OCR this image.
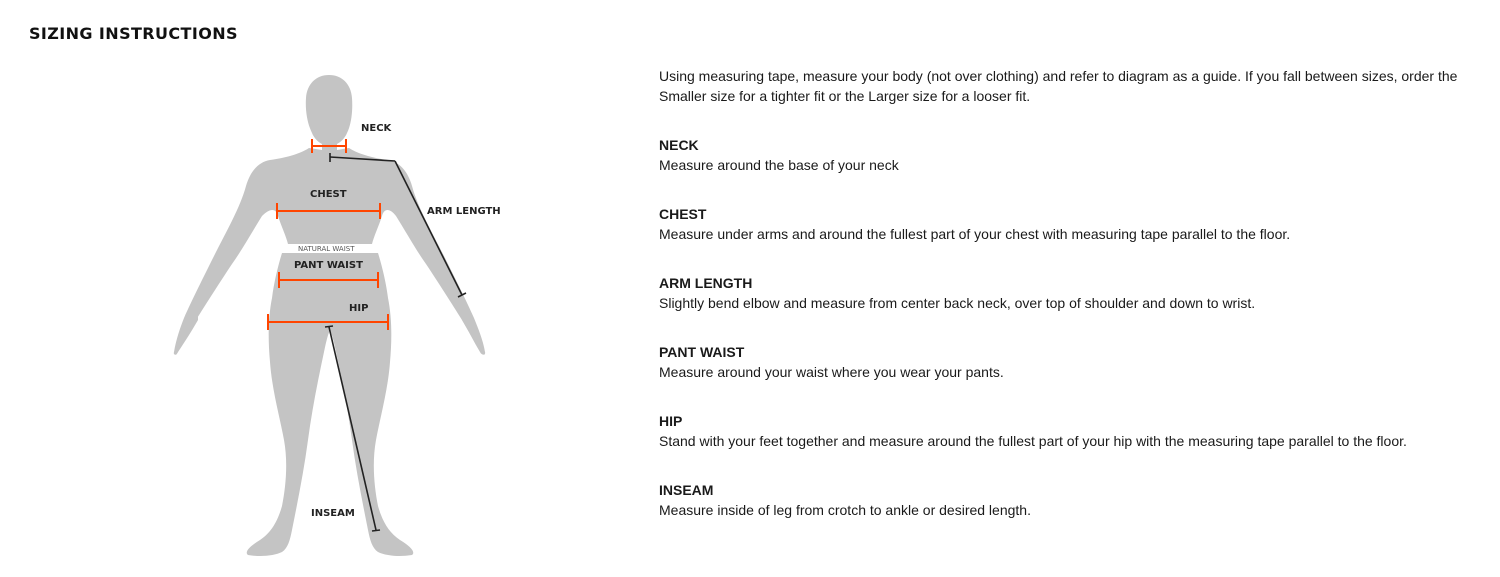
SIZING INSTRUCTIONS
NECK
CHEST
ARM LENGTH
NATURAL WAIST
PANT WAIST
HIP
INSEAM

Using measuring tape, measure your body (not over clothing) and refer to diagram as a guide. If you fall between sizes, order the Smaller size for a tighter fit or the Larger size for a looser fit.

NECK
Measure around the base of your neck
CHEST
Measure under arms and around the fullest part of your chest with measuring tape parallel to the floor.
ARM LENGTH
Slightly bend elbow and measure from center back neck, over top of shoulder and down to wrist.
PANT WAIST
Measure around your waist where you wear your pants.
HIP
Stand with your feet together and measure around the fullest part of your hip with the measuring tape parallel to the floor.
INSEAM
Measure inside of leg from crotch to ankle or desired length.
